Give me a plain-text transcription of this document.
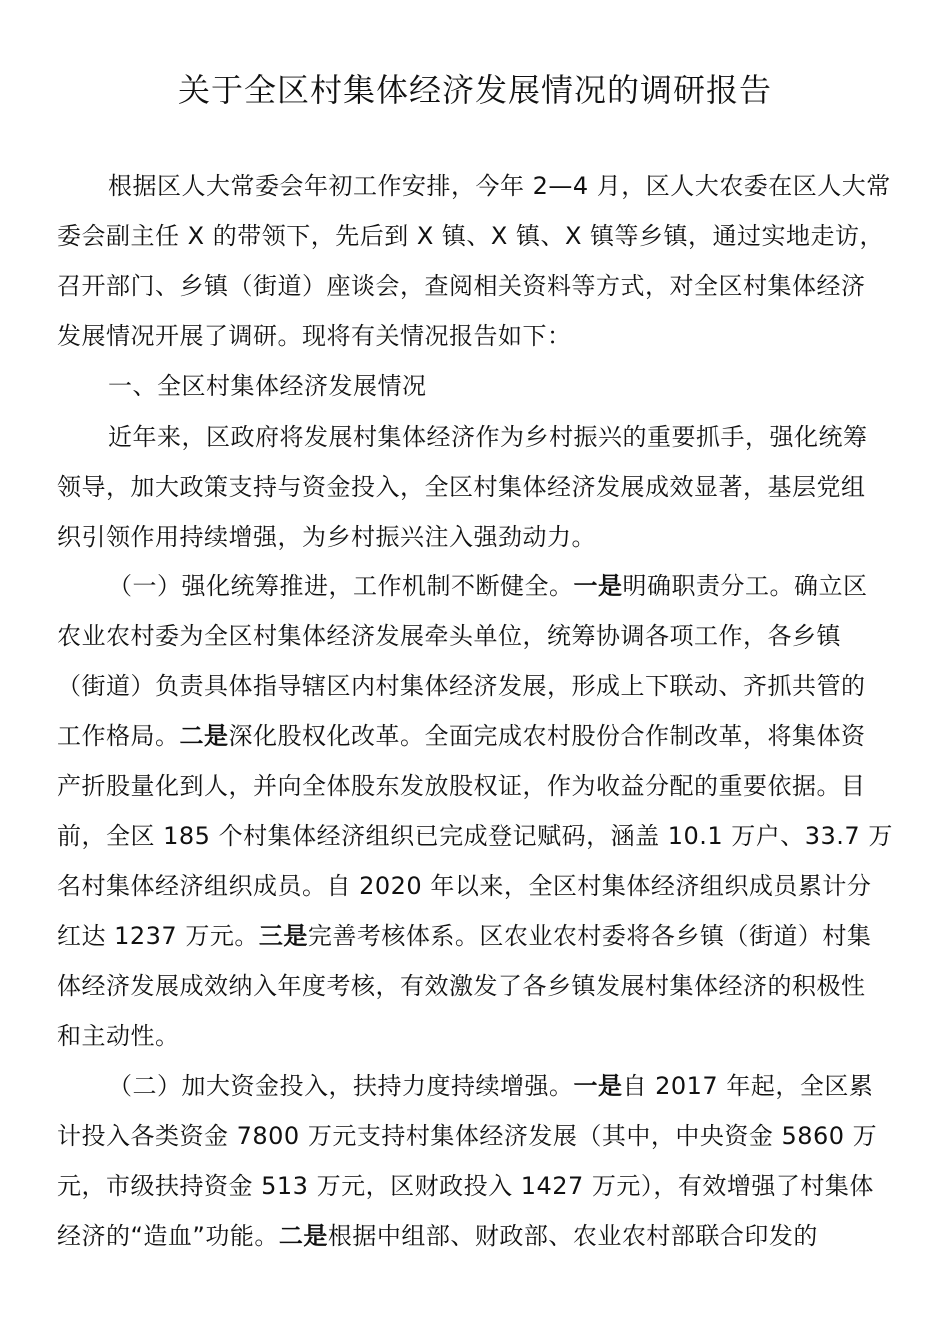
关于全区村集体经济发展情况的调研报告
根据区人大常委会年初工作安排，今年 2—4 月，区人大农委在区人大常
委会副主任 X 的带领下，先后到 X 镇、X 镇、X 镇等乡镇，通过实地走访，
召开部门、乡镇（街道）座谈会，查阅相关资料等方式，对全区村集体经济
发展情况开展了调研。现将有关情况报告如下：
一、全区村集体经济发展情况
近年来，区政府将发展村集体经济作为乡村振兴的重要抓手，强化统筹
领导，加大政策支持与资金投入，全区村集体经济发展成效显著，基层党组
织引领作用持续增强，为乡村振兴注入强劲动力。
（一）强化统筹推进，工作机制不断健全。一是明确职责分工。确立区
农业农村委为全区村集体经济发展牵头单位，统筹协调各项工作，各乡镇
（街道）负责具体指导辖区内村集体经济发展，形成上下联动、齐抓共管的
工作格局。二是深化股权化改革。全面完成农村股份合作制改革，将集体资
产折股量化到人，并向全体股东发放股权证，作为收益分配的重要依据。目
前，全区 185 个村集体经济组织已完成登记赋码，涵盖 10.1 万户、33.7 万
名村集体经济组织成员。自 2020 年以来，全区村集体经济组织成员累计分
红达 1237 万元。三是完善考核体系。区农业农村委将各乡镇（街道）村集
体经济发展成效纳入年度考核，有效激发了各乡镇发展村集体经济的积极性
和主动性。
（二）加大资金投入，扶持力度持续增强。一是自 2017 年起，全区累
计投入各类资金 7800 万元支持村集体经济发展（其中，中央资金 5860 万
元，市级扶持资金 513 万元，区财政投入 1427 万元），有效增强了村集体
经济的“造血”功能。二是根据中组部、财政部、农业农村部联合印发的
